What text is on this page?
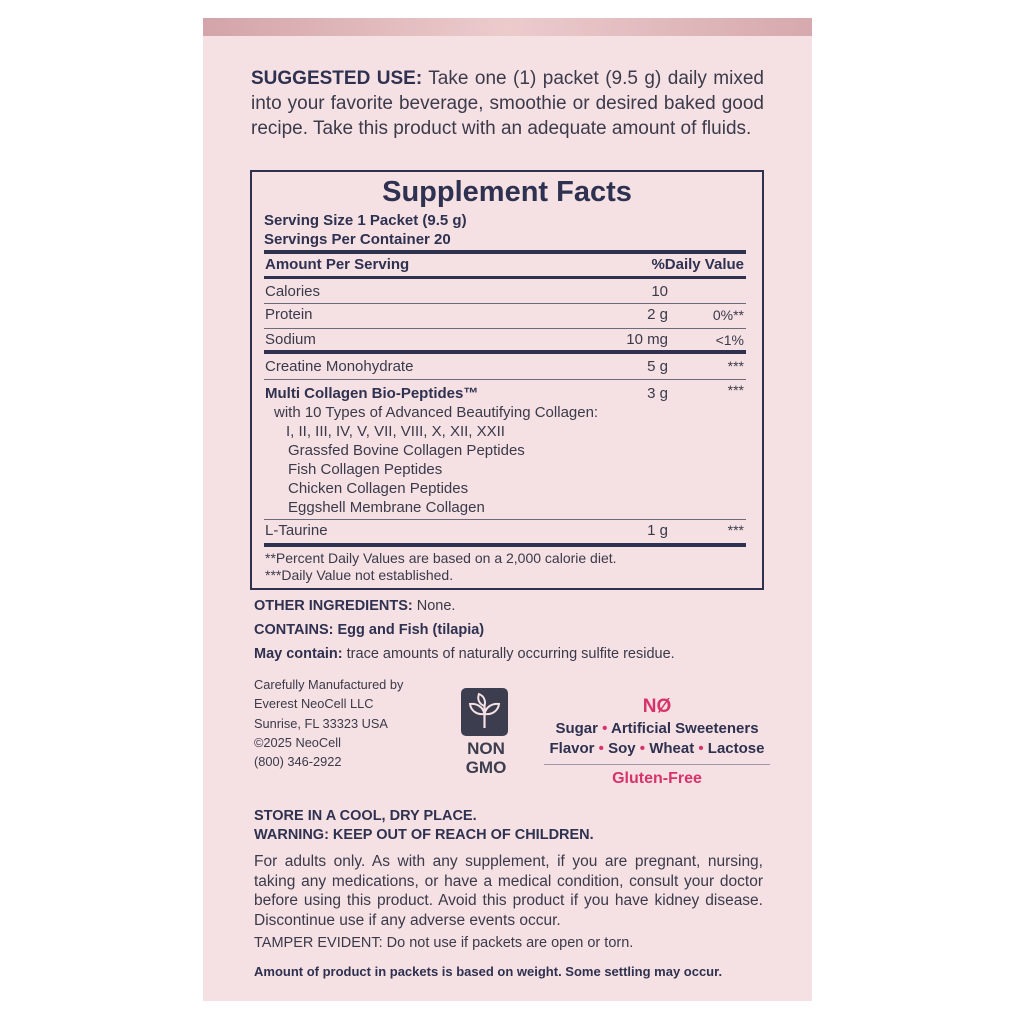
SUGGESTED USE: Take one (1) packet (9.5 g) daily mixed into your favorite beverage, smoothie or desired baked good recipe. Take this product with an adequate amount of fluids.
Supplement Facts
Serving Size 1 Packet (9.5 g)
Servings Per Container 20
Amount Per Serving	%Daily Value
Calories	10
Protein	2 g	0%**
Sodium	10 mg	<1%
Creatine Monohydrate	5 g	***
Multi Collagen Bio-Peptides™	3 g	***
with 10 Types of Advanced Beautifying Collagen:
I, II, III, IV, V, VII, VIII, X, XII, XXII
Grassfed Bovine Collagen Peptides
Fish Collagen Peptides
Chicken Collagen Peptides
Eggshell Membrane Collagen
L-Taurine	1 g	***
**Percent Daily Values are based on a 2,000 calorie diet.
***Daily Value not established.
OTHER INGREDIENTS: None.
CONTAINS: Egg and Fish (tilapia)
May contain: trace amounts of naturally occurring sulfite residue.
Carefully Manufactured by
Everest NeoCell LLC
Sunrise, FL 33323 USA
©2025 NeoCell
(800) 346-2922
NON
GMO
NØ
Sugar • Artificial Sweeteners
Flavor • Soy • Wheat • Lactose
Gluten-Free
STORE IN A COOL, DRY PLACE.
WARNING: KEEP OUT OF REACH OF CHILDREN.
For adults only. As with any supplement, if you are pregnant, nursing, taking any medications, or have a medical condition, consult your doctor before using this product. Avoid this product if you have kidney disease. Discontinue use if any adverse events occur.
TAMPER EVIDENT: Do not use if packets are open or torn.
Amount of product in packets is based on weight. Some settling may occur.
